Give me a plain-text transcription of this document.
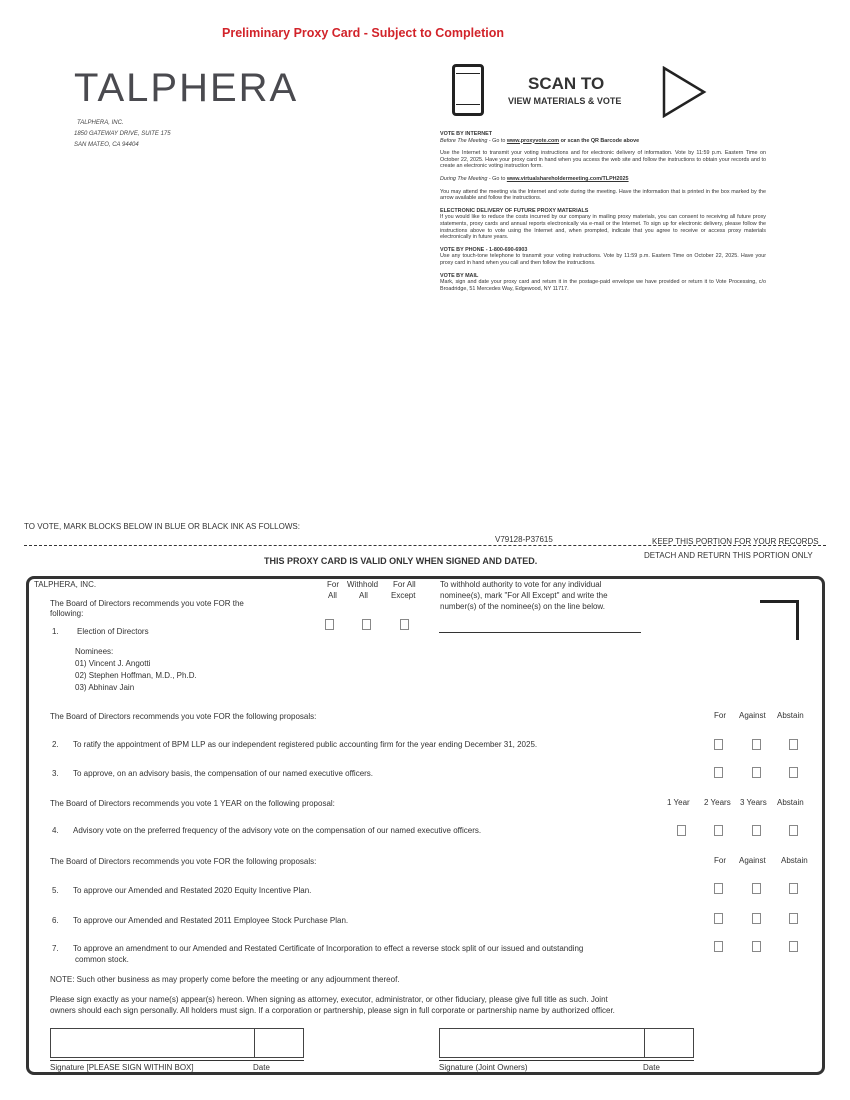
Preliminary Proxy Card - Subject to Completion
TALPHERA
TALPHERA, INC.
1850 GATEWAY DRIVE, SUITE 175
SAN MATEO, CA 94404
SCAN TO
VIEW MATERIALS & VOTE

VOTE BY INTERNET
Before The Meeting - Go to www.proxyvote.com or scan the QR Barcode above

Use the Internet to transmit your voting instructions and for electronic delivery of information. Vote by 11:59 p.m. Eastern Time on October 22, 2025. Have your proxy card in hand when you access the web site and follow the instructions to obtain your records and to create an electronic voting instruction form.

During The Meeting - Go to www.virtualshareholdermeeting.com/TLPH2025

You may attend the meeting via the Internet and vote during the meeting. Have the information that is printed in the box marked by the arrow available and follow the instructions.

ELECTRONIC DELIVERY OF FUTURE PROXY MATERIALS
If you would like to reduce the costs incurred by our company in mailing proxy materials, you can consent to receiving all future proxy statements, proxy cards and annual reports electronically via e-mail or the Internet. To sign up for electronic delivery, please follow the instructions above to vote using the Internet and, when prompted, indicate that you agree to receive or access proxy materials electronically in future years.

VOTE BY PHONE - 1-800-690-6903
Use any touch-tone telephone to transmit your voting instructions. Vote by 11:59 p.m. Eastern Time on October 22, 2025. Have your proxy card in hand when you call and then follow the instructions.

VOTE BY MAIL
Mark, sign and date your proxy card and return it in the postage-paid envelope we have provided or return it to Vote Processing, c/o Broadridge, 51 Mercedes Way, Edgewood, NY 11717.

TO VOTE, MARK BLOCKS BELOW IN BLUE OR BLACK INK AS FOLLOWS:
V79128-P37615	KEEP THIS PORTION FOR YOUR RECORDS
THIS PROXY CARD IS VALID ONLY WHEN SIGNED AND DATED.
DETACH AND RETURN THIS PORTION ONLY
TALPHERA, INC.
The Board of Directors recommends you vote FOR the
following:
For
All
Withhold
All
For All
Except
To withhold authority to vote for any individual
nominee(s), mark "For All Except" and write the
number(s) of the nominee(s) on the line below.
1. Election of Directors
Nominees:
01) Vincent J. Angotti
02) Stephen Hoffman, M.D., Ph.D.
03) Abhinav Jain
The Board of Directors recommends you vote FOR the following proposals:	For Against Abstain
2. To ratify the appointment of BPM LLP as our independent registered public accounting firm for the year ending December 31, 2025.
3. To approve, on an advisory basis, the compensation of our named executive officers.
The Board of Directors recommends you vote 1 YEAR on the following proposal:	1 Year 2 Years 3 Years Abstain
4. Advisory vote on the preferred frequency of the advisory vote on the compensation of our named executive officers.
The Board of Directors recommends you vote FOR the following proposals:	For Against Abstain
5. To approve our Amended and Restated 2020 Equity Incentive Plan.
6. To approve our Amended and Restated 2011 Employee Stock Purchase Plan.
7. To approve an amendment to our Amended and Restated Certificate of Incorporation to effect a reverse stock split of our issued and outstanding
common stock.
NOTE: Such other business as may properly come before the meeting or any adjournment thereof.
Please sign exactly as your name(s) appear(s) hereon. When signing as attorney, executor, administrator, or other fiduciary, please give full title as such. Joint
owners should each sign personally. All holders must sign. If a corporation or partnership, please sign in full corporate or partnership name by authorized officer.
Signature [PLEASE SIGN WITHIN BOX]	Date	Signature (Joint Owners)	Date
